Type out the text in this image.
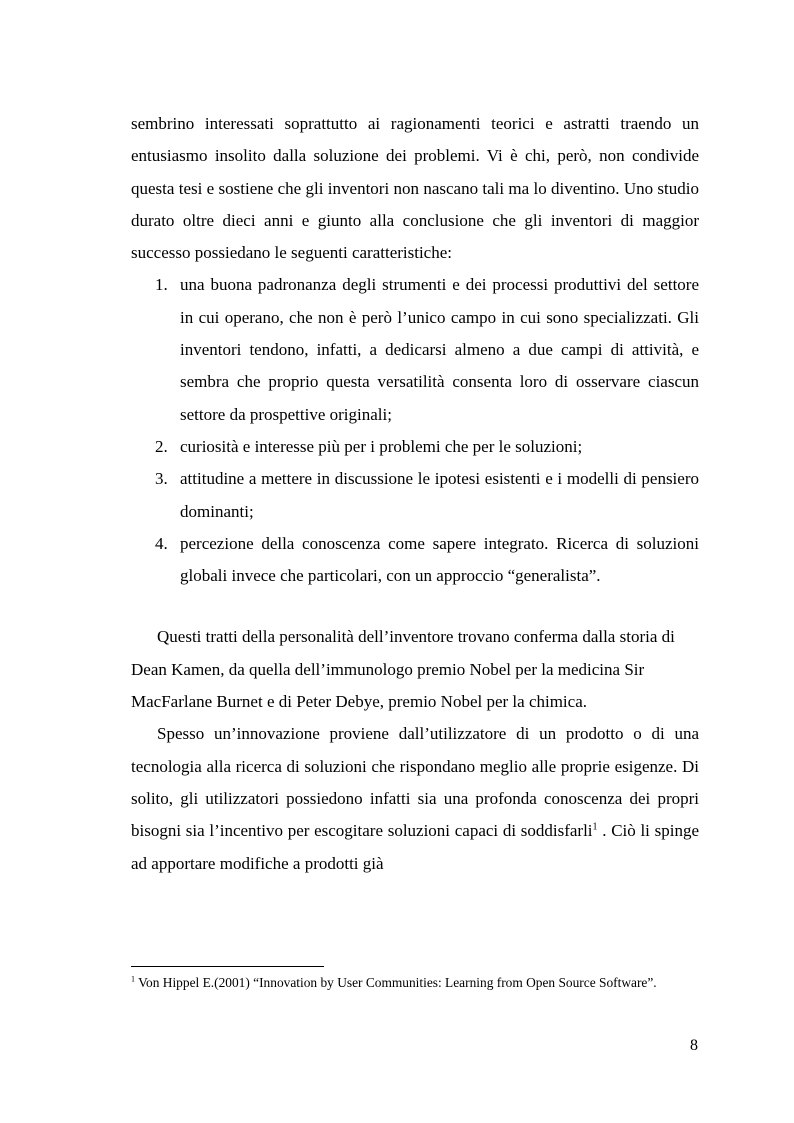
sembrino interessati soprattutto ai ragionamenti teorici e astratti traendo un entusiasmo insolito dalla soluzione dei problemi. Vi è chi, però, non condivide questa tesi e sostiene che gli inventori non nascano tali ma lo diventino. Uno studio durato oltre dieci anni e giunto alla conclusione che gli inventori di maggior successo possiedano le seguenti caratteristiche:

1. una buona padronanza degli strumenti e dei processi produttivi del settore in cui operano, che non è però l’unico campo in cui sono specializzati. Gli inventori tendono, infatti, a dedicarsi almeno a due campi di attività, e sembra che proprio questa versatilità consenta loro di osservare ciascun settore da prospettive originali;
2. curiosità e interesse più per i problemi che per le soluzioni;
3. attitudine a mettere in discussione le ipotesi esistenti e i modelli di pensiero dominanti;
4. percezione della conoscenza come sapere integrato. Ricerca di soluzioni globali invece che particolari, con un approccio “generalista”.

Questi tratti della personalità dell’inventore trovano conferma dalla storia di Dean Kamen, da quella dell’immunologo premio Nobel per la medicina Sir MacFarlane Burnet e di Peter Debye, premio Nobel per la chimica.

Spesso un’innovazione proviene dall’utilizzatore di un prodotto o di una tecnologia alla ricerca di soluzioni che rispondano meglio alle proprie esigenze. Di solito, gli utilizzatori possiedono infatti sia una profonda conoscenza dei propri bisogni sia l’incentivo per escogitare soluzioni capaci di soddisfarli$^1$ . Ciò li spinge ad apportare modifiche a prodotti già

$^1$ Von Hippel E.(2001) “Innovation by User Communities: Learning from Open Source Software”.
8
